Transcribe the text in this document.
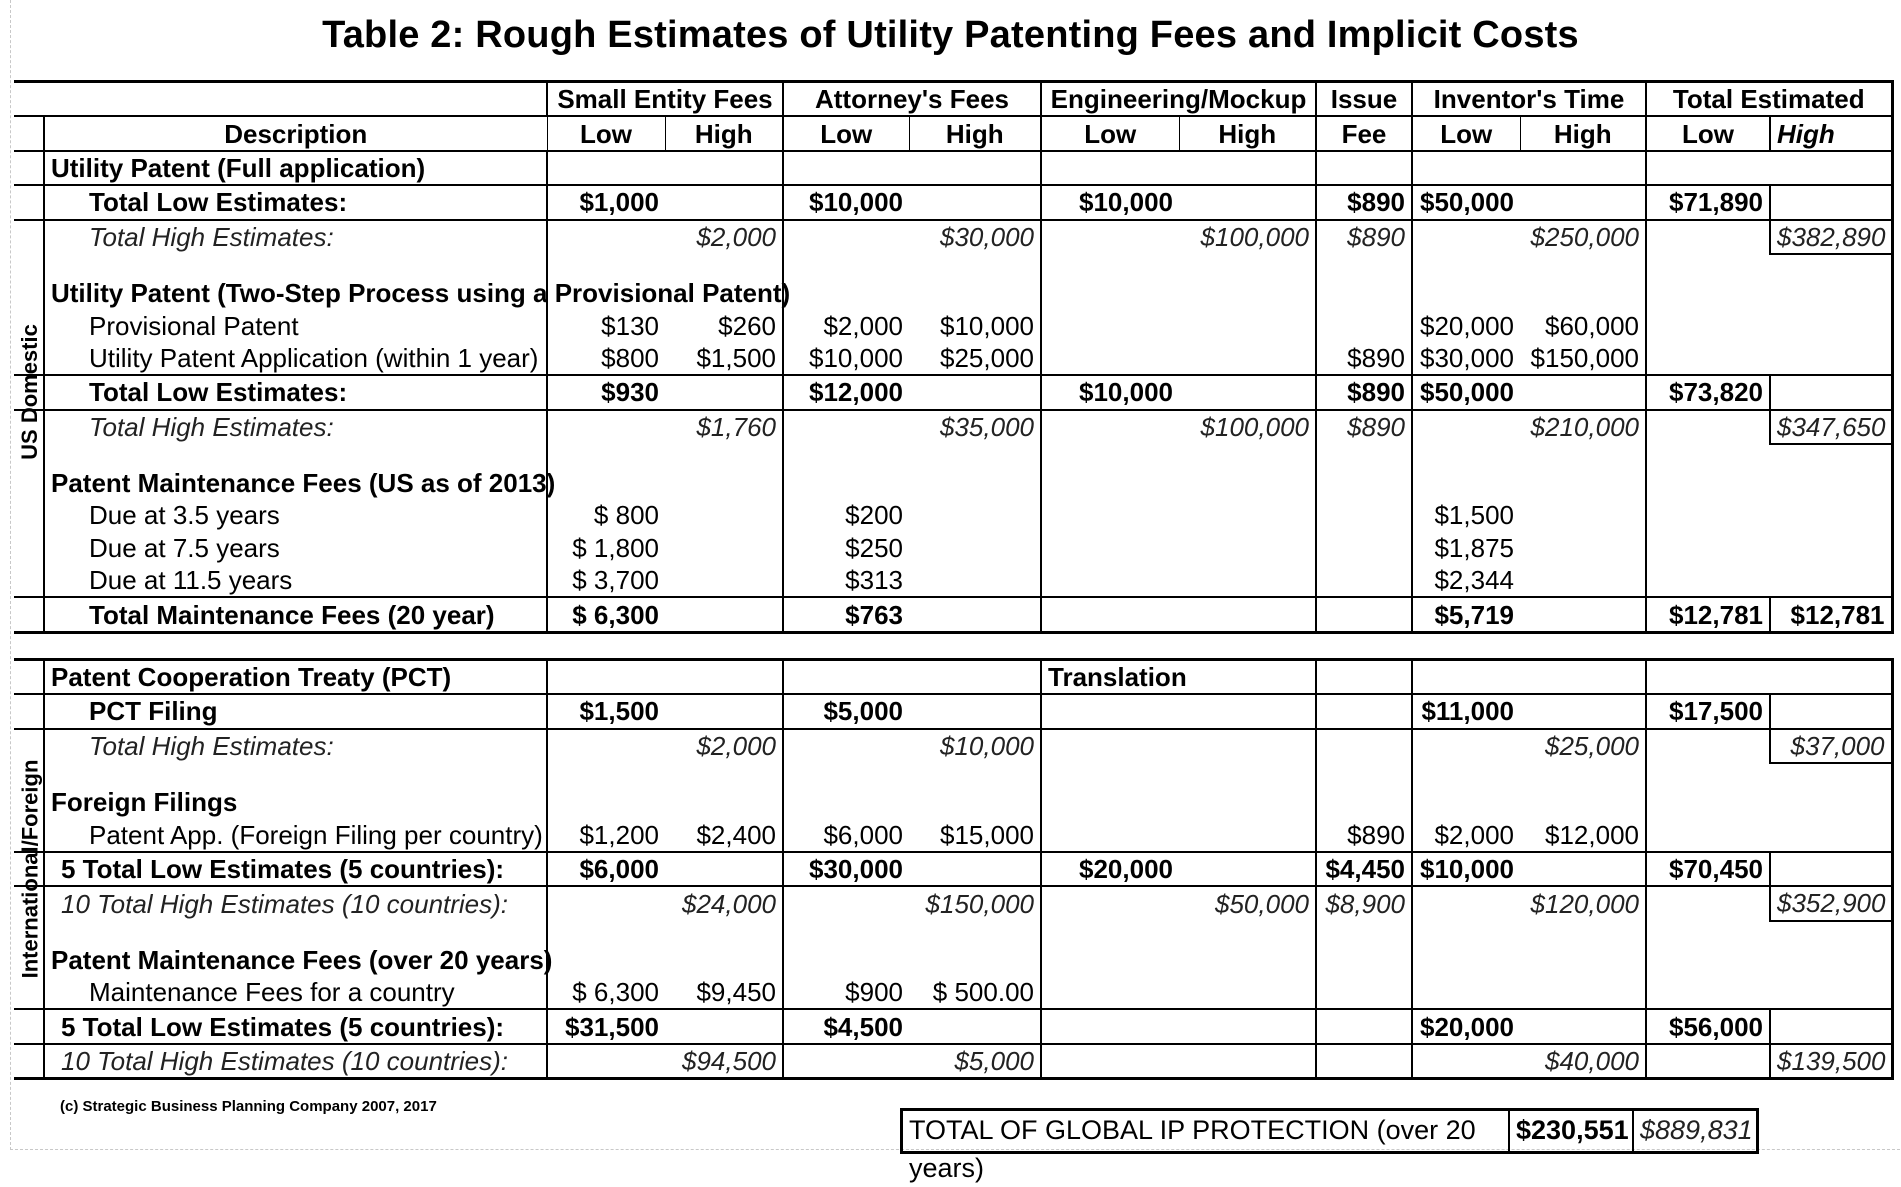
Table 2: Rough Estimates of Utility Patenting Fees and Implicit Costs
		Small Entity Fees		Attorney's Fees		Engineering/Mockup		Issue	Inventor's Time		Total Estimated	
	Description	Low	High	Low	High	Low	High	Fee	Low	High	Low	High
	Utility Patent (Full application)											
	Total Low Estimates:	$1,000		$10,000		$10,000		$890	$50,000		$71,890	
	Total High Estimates:		$2,000		$30,000		$100,000	$890		$250,000		$382,890

	Utility Patent (Two-Step Process using a Provisional Patent)											
	Provisional Patent	$130	$260	$2,000	$10,000				$20,000	$60,000		
	Utility Patent Application (within 1 year)	$800	$1,500	$10,000	$25,000			$890	$30,000	$150,000		
	Total Low Estimates:	$930		$12,000		$10,000		$890	$50,000		$73,820	
	Total High Estimates:		$1,760		$35,000		$100,000	$890		$210,000		$347,650

	Patent Maintenance Fees (US as of 2013)											
	Due at 3.5 years	$ 800		$200					$1,500			
	Due at 7.5 years	$ 1,800		$250					$1,875			
	Due at 11.5 years	$ 3,700		$313					$2,344			
	Total Maintenance Fees (20 year)	$ 6,300		$763					$5,719		$12,781	$12,781

	Patent Cooperation Treaty (PCT)					Translation						
	PCT Filing	$1,500		$5,000					$11,000		$17,500	
	Total High Estimates:		$2,000		$10,000					$25,000		$37,000

	Foreign Filings											
	Patent App. (Foreign Filing per country)	$1,200	$2,400	$6,000	$15,000			$890	$2,000	$12,000		
	5 Total Low Estimates (5 countries):	$6,000		$30,000		$20,000		$4,450	$10,000		$70,450	
	10 Total High Estimates (10 countries):		$24,000		$150,000		$50,000	$8,900		$120,000		$352,900

	Patent Maintenance Fees (over 20 years)											
	Maintenance Fees for a country	$ 6,300	$9,450	$900	$ 500.00							
	5 Total Low Estimates (5 countries):	$31,500		$4,500					$20,000		$56,000	
	10 Total High Estimates (10 countries):		$94,500		$5,000					$40,000		$139,500
US Domestic
International/Foreign
(c) Strategic Business Planning Company 2007, 2017
TOTAL OF GLOBAL IP PROTECTION (over 20 years)
$230,551 $889,831
